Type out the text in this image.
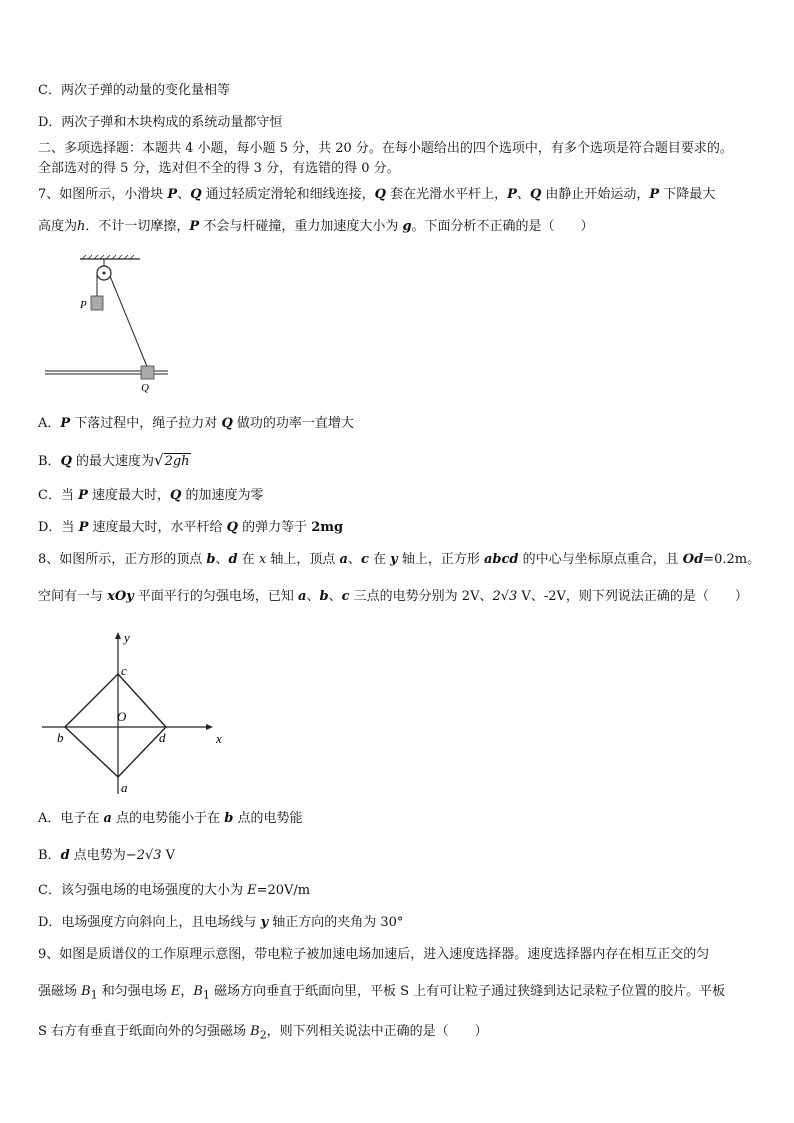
C．两次子弹的动量的变化量相等
D．两次子弹和木块构成的系统动量都守恒
二、多项选择题：本题共 4 小题，每小题 5 分，共 20 分。在每小题给出的四个选项中，有多个选项是符合题目要求的。
全部选对的得 5 分，选对但不全的得 3 分，有选错的得 0 分。
7、如图所示，小滑块 P、Q 通过轻质定滑轮和细线连接，Q 套在光滑水平杆上，P、Q 由静止开始运动，P 下降最大
高度为h．不计一切摩擦，P 不会与杆碰撞，重力加速度大小为 g。下面分析不正确的是（　　）
P
Q
A．P 下落过程中，绳子拉力对 Q 做功的功率一直增大
B．Q 的最大速度为√2gh
C．当 P 速度最大时，Q 的加速度为零
D．当 P 速度最大时，水平杆给 Q 的弹力等于 2mg
8、如图所示，正方形的顶点 b、d 在 x 轴上，顶点 a、c 在 y 轴上，正方形 abcd 的中心与坐标原点重合，且 Od=0.2m。
空间有一与 xOy 平面平行的匀强电场，已知 a、b、c 三点的电势分别为 2V、2√3 V、-2V，则下列说法正确的是（　　）
y
x
c
O
b	d
a
A．电子在 a 点的电势能小于在 b 点的电势能
B．d 点电势为−2√3 V
C．该匀强电场的电场强度的大小为 E=20V/m
D．电场强度方向斜向上，且电场线与 y 轴正方向的夹角为 30°
9、如图是质谱仪的工作原理示意图，带电粒子被加速电场加速后，进入速度选择器。速度选择器内存在相互正交的匀
强磁场 $B_1$ 和匀强电场 E，$B_1$ 磁场方向垂直于纸面向里，平板 S 上有可让粒子通过狭缝到达记录粒子位置的胶片。平板
S 右方有垂直于纸面向外的匀强磁场 $B_2$，则下列相关说法中正确的是（　　）
